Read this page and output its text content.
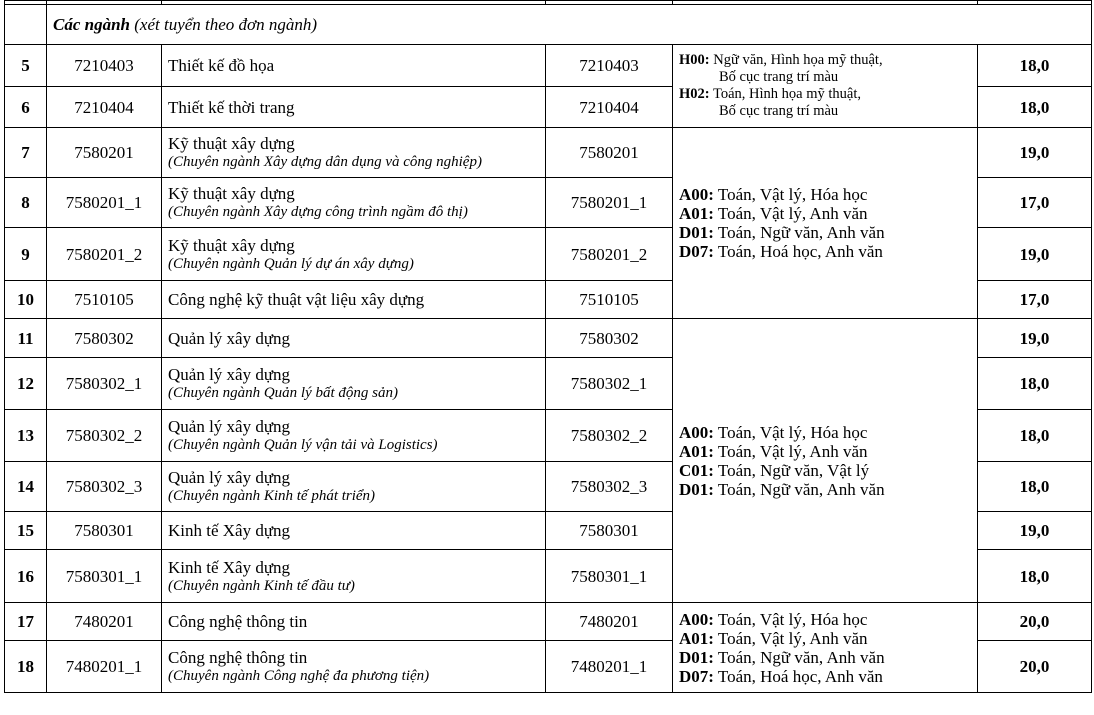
	Các ngành (xét tuyển theo đơn ngành)				
5	7210403	Thiết kế đồ họa	7210403	H00: Ngữ văn, Hình họa mỹ thuật,
Bố cục trang trí màu
H02: Toán, Hình họa mỹ thuật,
Bố cục trang trí màu	18,0
6	7210404	Thiết kế thời trang	7210404		18,0
7	7580201	Kỹ thuật xây dựng
(Chuyên ngành Xây dựng dân dụng và công nghiệp)	7580201	A00: Toán, Vật lý, Hóa học
A01: Toán, Vật lý, Anh văn
D01: Toán, Ngữ văn, Anh văn
D07: Toán, Hoá học, Anh văn	19,0
8	7580201_1	Kỹ thuật xây dựng
(Chuyên ngành Xây dựng công trình ngầm đô thị)	7580201_1		17,0
9	7580201_2	Kỹ thuật xây dựng
(Chuyên ngành Quản lý dự án xây dựng)	7580201_2		19,0
10	7510105	Công nghệ kỹ thuật vật liệu xây dựng	7510105		17,0
11	7580302	Quản lý xây dựng	7580302	A00: Toán, Vật lý, Hóa học
A01: Toán, Vật lý, Anh văn
C01: Toán, Ngữ văn, Vật lý
D01: Toán, Ngữ văn, Anh văn	19,0
12	7580302_1	Quản lý xây dựng
(Chuyên ngành Quản lý bất động sản)	7580302_1		18,0
13	7580302_2	Quản lý xây dựng
(Chuyên ngành Quản lý vận tải và Logistics)	7580302_2		18,0
14	7580302_3	Quản lý xây dựng
(Chuyên ngành Kinh tế phát triển)	7580302_3		18,0
15	7580301	Kinh tế Xây dựng	7580301		19,0
16	7580301_1	Kinh tế Xây dựng
(Chuyên ngành Kinh tế đầu tư)	7580301_1		18,0
17	7480201	Công nghệ thông tin	7480201	A00: Toán, Vật lý, Hóa học
A01: Toán, Vật lý, Anh văn
D01: Toán, Ngữ văn, Anh văn
D07: Toán, Hoá học, Anh văn	20,0
18	7480201_1	Công nghệ thông tin
(Chuyên ngành Công nghệ đa phương tiện)	7480201_1		20,0
